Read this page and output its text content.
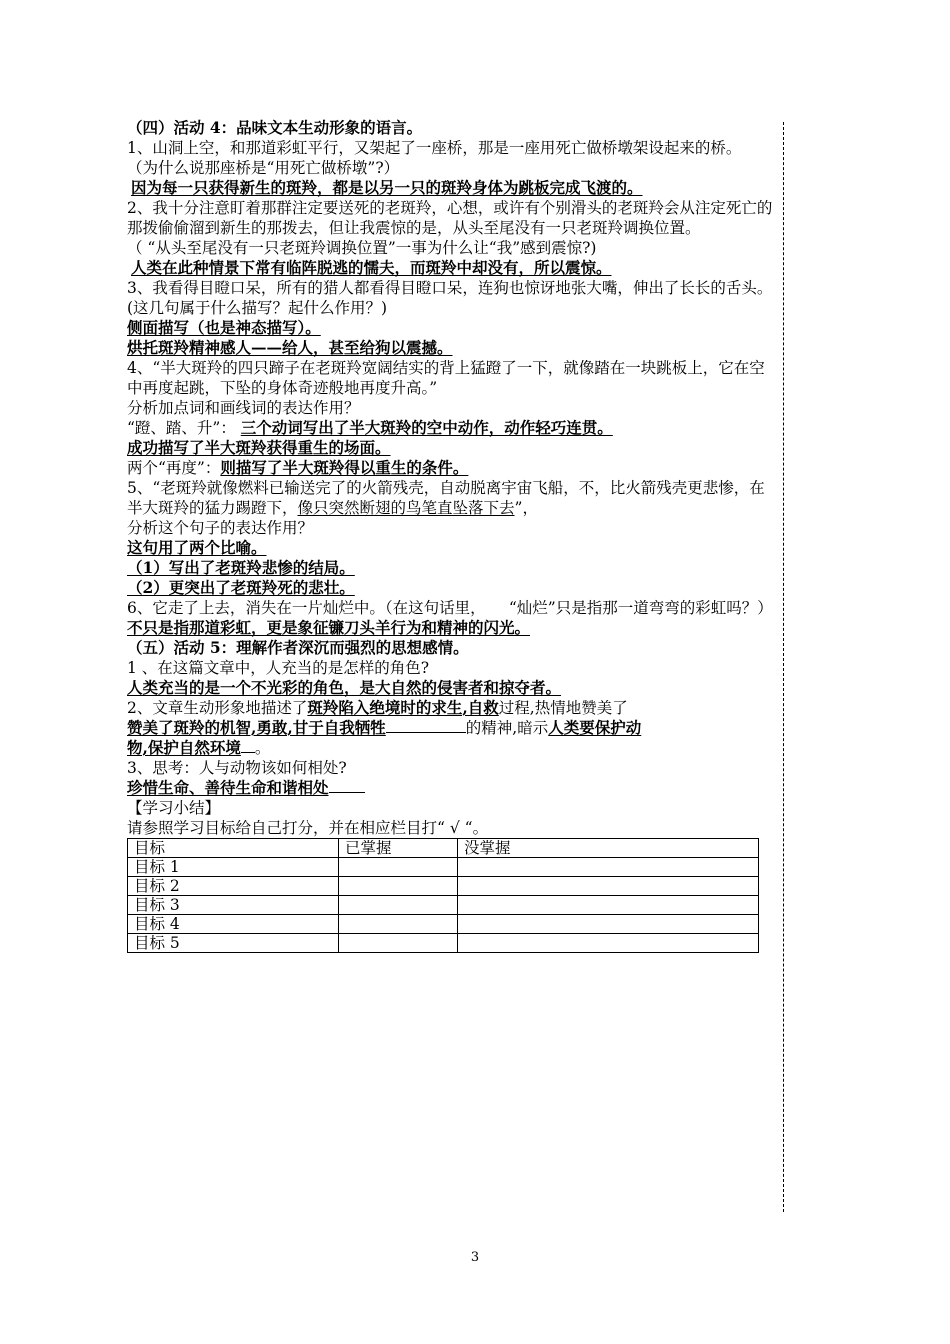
（四）活动 4：品味文本生动形象的语言。
1、山洞上空，和那道彩虹平行，又架起了一座桥，那是一座用死亡做桥墩架设起来的桥。
（为什么说那座桥是“用死亡做桥墩”?）
因为每一只获得新生的斑羚，都是以另一只的斑羚身体为跳板完成飞渡的。
2、我十分注意盯着那群注定要送死的老斑羚，心想，或许有个别滑头的老斑羚会从注定死亡的那拨偷偷溜到新生的那拨去，但让我震惊的是，从头至尾没有一只老斑羚调换位置。
（ “从头至尾没有一只老斑羚调换位置”一事为什么让“我”感到震惊?)
人类在此种情景下常有临阵脱逃的懦夫，而斑羚中却没有，所以震惊。
3、我看得目瞪口呆，所有的猎人都看得目瞪口呆，连狗也惊讶地张大嘴，伸出了长长的舌头。
(这几句属于什么描写？起什么作用？)
侧面描写（也是神态描写）。
烘托斑羚精神感人——给人，甚至给狗以震撼。
4、“半大斑羚的四只蹄子在老斑羚宽阔结实的背上猛蹬了一下，就像踏在一块跳板上，它在空中再度起跳，下坠的身体奇迹般地再度升高。”
分析加点词和画线词的表达作用？
“蹬、踏、升”： 三个动词写出了半大斑羚的空中动作，动作轻巧连贯。
成功描写了半大斑羚获得重生的场面。
两个“再度”：则描写了半大斑羚得以重生的条件。
5、“老斑羚就像燃料已输送完了的火箭残壳，自动脱离宇宙飞船，不，比火箭残壳更悲惨，在半大斑羚的猛力踢蹬下，像只突然断翅的鸟笔直坠落下去”，
分析这个句子的表达作用？
这句用了两个比喻。
（1）写出了老斑羚悲惨的结局。
（2）更突出了老斑羚死的悲壮。
6、它走了上去，消失在一片灿烂中。（在这句话里，　　“灿烂”只是指那一道弯弯的彩虹吗？）
不只是指那道彩虹，更是象征镰刀头羊行为和精神的闪光。
（五）活动 5：理解作者深沉而强烈的思想感情。
1 、在这篇文章中，人充当的是怎样的角色?
人类充当的是一个不光彩的角色，是大自然的侵害者和掠夺者。
2、文章生动形象地描述了斑羚陷入绝境时的求生,自救过程,热情地赞美了
赞美了斑羚的机智,勇敢,甘于自我牺牲	的精神,暗示人类要保护动
物,保护自然环境 。
3、思考：人与动物该如何相处?
珍惜生命、善待生命和谐相处
【学习小结】
请参照学习目标给自己打分，并在相应栏目打“ √ “。
目标	已掌握	没掌握
目标 1		
目标 2		
目标 3		
目标 4		
目标 5		
3
